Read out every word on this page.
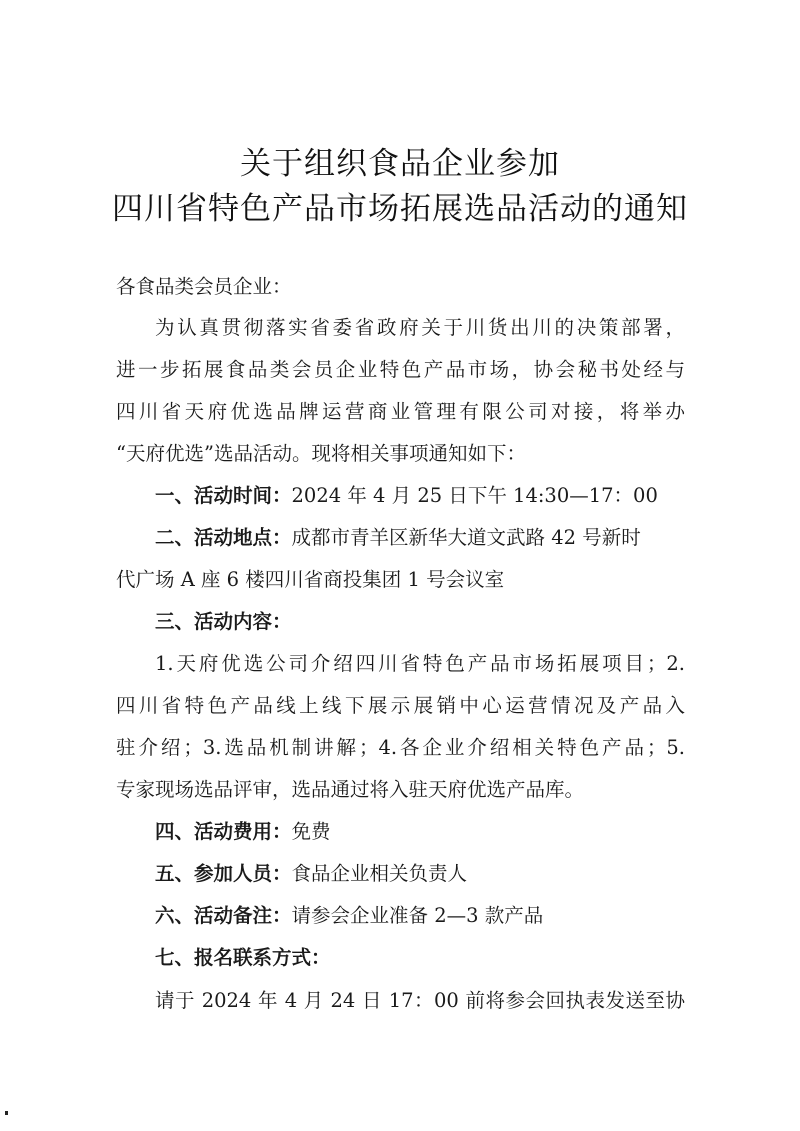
关于组织食品企业参加
四川省特色产品市场拓展选品活动的通知
各食品类会员企业：
为认真贯彻落实省委省政府关于川货出川的决策部署，
进一步拓展食品类会员企业特色产品市场，协会秘书处经与
四川省天府优选品牌运营商业管理有限公司对接，将举办
“天府优选”选品活动。现将相关事项通知如下：
一、活动时间：2024 年 4 月 25 日下午 14:30—17：00
二、活动地点：成都市青羊区新华大道文武路 42 号新时
代广场 A 座 6 楼四川省商投集团 1 号会议室
三、活动内容：
1.天府优选公司介绍四川省特色产品市场拓展项目；2.
四川省特色产品线上线下展示展销中心运营情况及产品入
驻介绍；3.选品机制讲解；4.各企业介绍相关特色产品；5.
专家现场选品评审，选品通过将入驻天府优选产品库。
四、活动费用：免费
五、参加人员：食品企业相关负责人
六、活动备注：请参会企业准备 2—3 款产品
七、报名联系方式：
请于 2024 年 4 月 24 日 17：00 前将参会回执表发送至协
